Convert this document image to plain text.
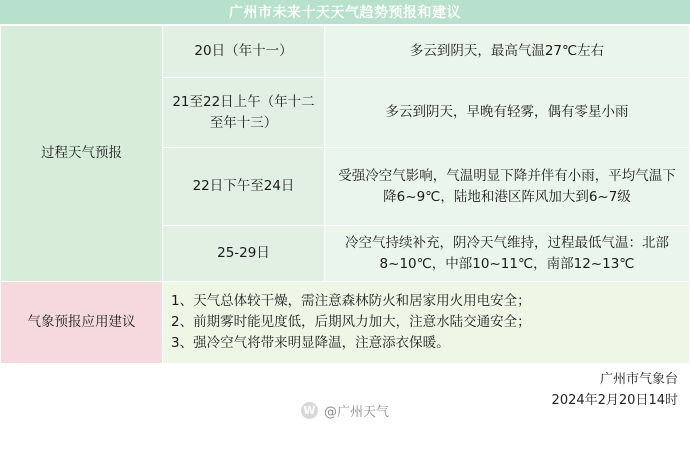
广州市未来十天天气趋势预报和建议
过程天气预报	20日（年十一）	多云到阴天，最高气温27℃左右
	21至22日上午（年十二至年十三）	多云到阴天，早晚有轻雾，偶有零星小雨
	22日下午至24日	受强冷空气影响，气温明显下降并伴有小雨，平均气温下降6~9℃，陆地和港区阵风加大到6~7级
	25-29日	冷空气持续补充，阴冷天气维持，过程最低气温：北部8~10℃，中部10~11℃，南部12~13℃
气象预报应用建议	1、天气总体较干燥，需注意森林防火和居家用火用电安全；
2、前期雾时能见度低，后期风力加大，注意水陆交通安全；
3、强冷空气将带来明显降温，注意添衣保暖。	
广州市气象台
2024年2月20日14时
W @广州天气
